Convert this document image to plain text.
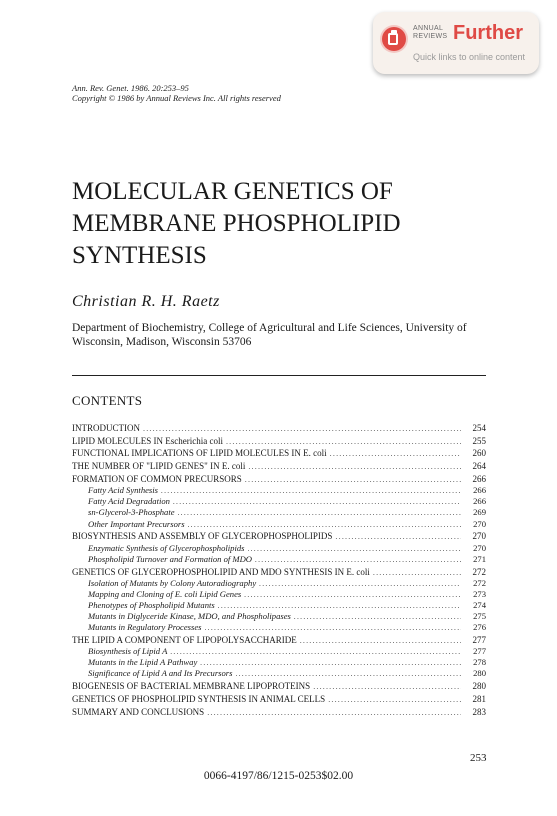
ANNUAL
REVIEWS Further
Quick links to online content
Ann. Rev. Genet. 1986. 20:253–95
Copyright © 1986 by Annual Reviews Inc. All rights reserved
MOLECULAR GENETICS OF
MEMBRANE PHOSPHOLIPID
SYNTHESIS
Christian R. H. Raetz
Department of Biochemistry, College of Agricultural and Life Sciences, University of Wisconsin, Madison, Wisconsin 53706
CONTENTS
INTRODUCTION .....	254
LIPID MOLECULES IN Escherichia coli .....	255
FUNCTIONAL IMPLICATIONS OF LIPID MOLECULES IN E. coli .....	260
THE NUMBER OF "LIPID GENES" IN E. coli .....	264
FORMATION OF COMMON PRECURSORS .....	266
Fatty Acid Synthesis .....	266
Fatty Acid Degradation .....	266
sn-Glycerol-3-Phosphate .....	269
Other Important Precursors .....	270
BIOSYNTHESIS AND ASSEMBLY OF GLYCEROPHOSPHOLIPIDS .....	270
Enzymatic Synthesis of Glycerophospholipids .....	270
Phospholipid Turnover and Formation of MDO .....	271
GENETICS OF GLYCEROPHOSPHOLIPID AND MDO SYNTHESIS IN E. coli .....	272
Isolation of Mutants by Colony Autoradiography .....	272
Mapping and Cloning of E. coli Lipid Genes .....	273
Phenotypes of Phospholipid Mutants .....	274
Mutants in Diglyceride Kinase, MDO, and Phospholipases .....	275
Mutants in Regulatory Processes .....	276
THE LIPID A COMPONENT OF LIPOPOLYSACCHARIDE .....	277
Biosynthesis of Lipid A .....	277
Mutants in the Lipid A Pathway .....	278
Significance of Lipid A and Its Precursors .....	280
BIOGENESIS OF BACTERIAL MEMBRANE LIPOPROTEINS .....	280
GENETICS OF PHOSPHOLIPID SYNTHESIS IN ANIMAL CELLS .....	281
SUMMARY AND CONCLUSIONS .....	283
253
0066-4197/86/1215-0253$02.00
